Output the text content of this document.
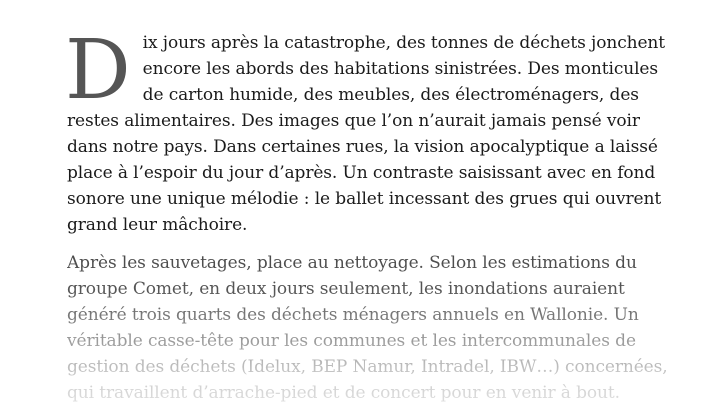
Dix jours après la catastrophe, des tonnes de déchets jonchent encore les abords des habitations sinistrées. Des monticules de carton humide, des meubles, des électroménagers, des restes alimentaires. Des images que l’on n’aurait jamais pensé voir dans notre pays. Dans certaines rues, la vision apocalyptique a laissé place à l’espoir du jour d’après. Un contraste saisissant avec en fond sonore une unique mélodie : le ballet incessant des grues qui ouvrent grand leur mâchoire.

Après les sauvetages, place au nettoyage. Selon les estimations du groupe Comet, en deux jours seulement, les inondations auraient généré trois quarts des déchets ménagers annuels en Wallonie. Un véritable casse-tête pour les communes et les intercommunales de gestion des déchets (Idelux, BEP Namur, Intradel, IBW…) concernées, qui travaillent d’arrache-pied et de concert pour en venir à bout.
